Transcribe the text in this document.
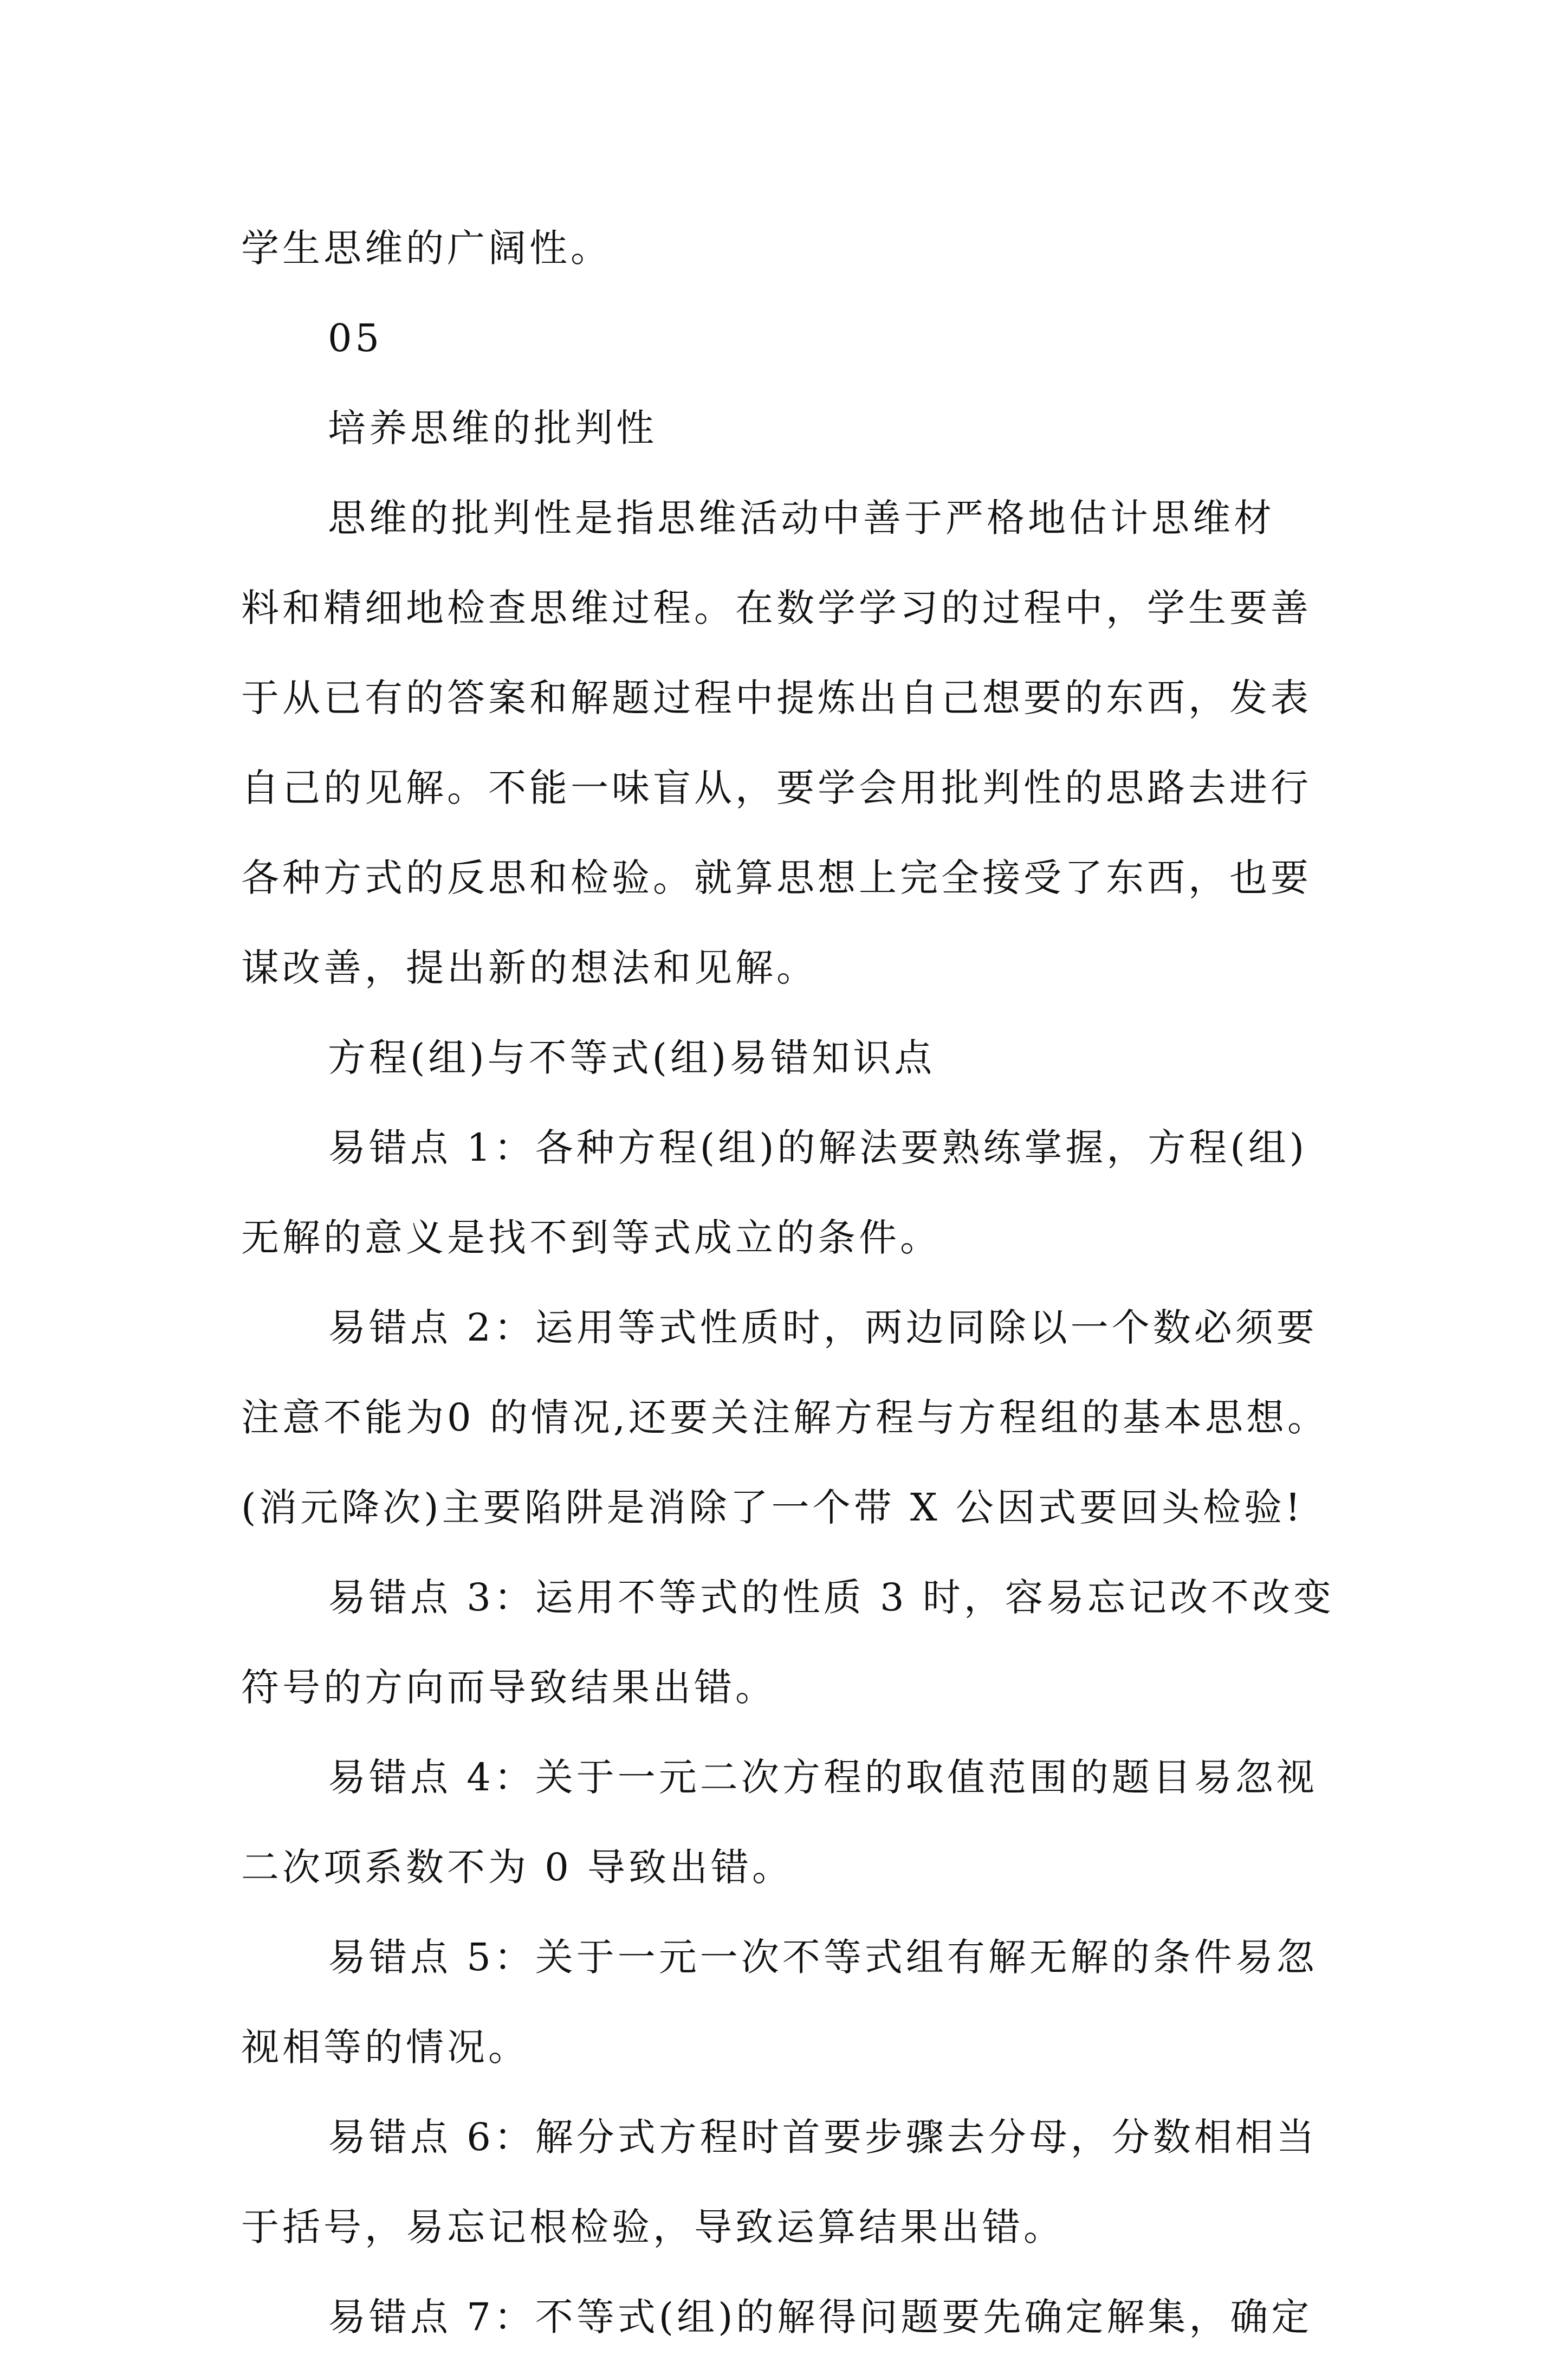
学生思维的广阔性。

05

培养思维的批判性

思维的批判性是指思维活动中善于严格地估计思维材

料和精细地检查思维过程。在数学学习的过程中，学生要善

于从已有的答案和解题过程中提炼出自己想要的东西，发表

自己的见解。不能一味盲从，要学会用批判性的思路去进行

各种方式的反思和检验。就算思想上完全接受了东西，也要

谋改善，提出新的想法和见解。

方程(组)与不等式(组)易错知识点

易错点 1：各种方程(组)的解法要熟练掌握，方程(组)

无解的意义是找不到等式成立的条件。

易错点 2：运用等式性质时，两边同除以一个数必须要

注意不能为0 的情况,还要关注解方程与方程组的基本思想。

(消元降次)主要陷阱是消除了一个带 X 公因式要回头检验!

易错点 3：运用不等式的性质 3 时，容易忘记改不改变

符号的方向而导致结果出错。

易错点 4：关于一元二次方程的取值范围的题目易忽视

二次项系数不为 0 导致出错。

易错点 5：关于一元一次不等式组有解无解的条件易忽

视相等的情况。

易错点 6：解分式方程时首要步骤去分母，分数相相当

于括号，易忘记根检验，导致运算结果出错。

易错点 7：不等式(组)的解得问题要先确定解集，确定
